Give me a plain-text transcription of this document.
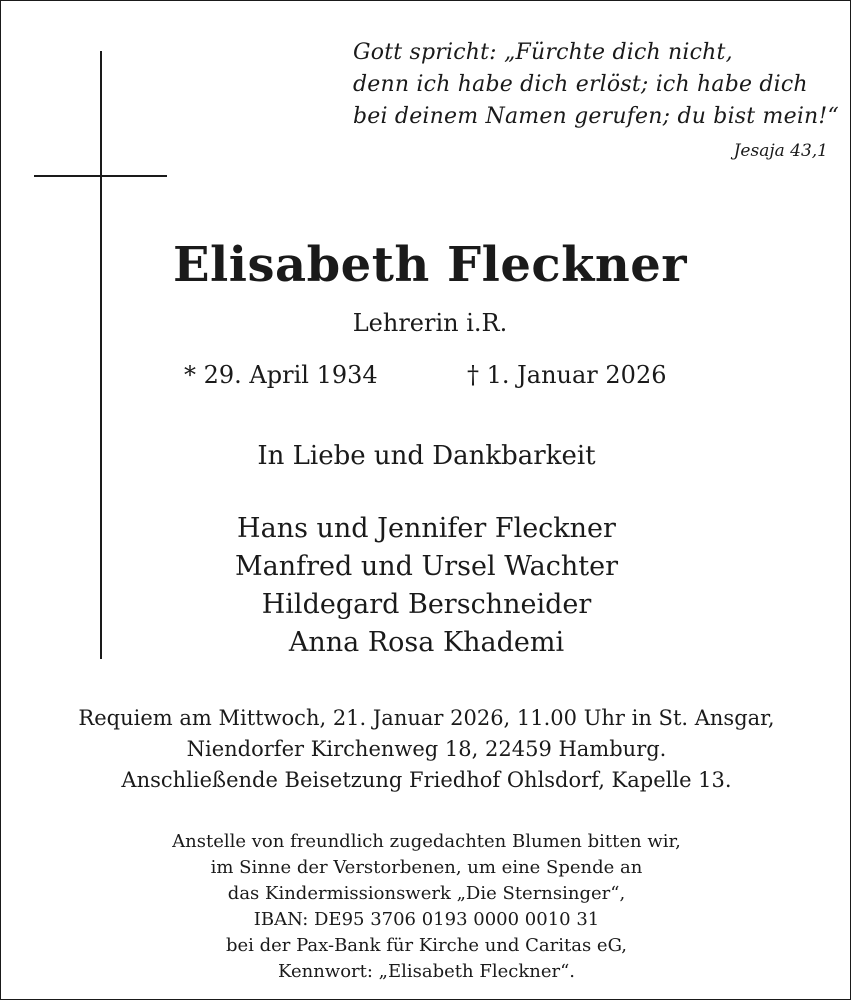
Gott spricht: „Fürchte dich nicht,
denn ich habe dich erlöst; ich habe dich
bei deinem Namen gerufen; du bist mein!“
Jesaja 43,1
Elisabeth Fleckner
Lehrerin i.R.
* 29. April 1934	† 1. Januar 2026
In Liebe und Dankbarkeit
Hans und Jennifer Fleckner
Manfred und Ursel Wachter
Hildegard Berschneider
Anna Rosa Khademi
Requiem am Mittwoch, 21. Januar 2026, 11.00 Uhr in St. Ansgar,
Niendorfer Kirchenweg 18, 22459 Hamburg.
Anschließende Beisetzung Friedhof Ohlsdorf, Kapelle 13.
Anstelle von freundlich zugedachten Blumen bitten wir,
im Sinne der Verstorbenen, um eine Spende an
das Kindermissionswerk „Die Sternsinger“,
IBAN: DE95 3706 0193 0000 0010 31
bei der Pax-Bank für Kirche und Caritas eG,
Kennwort: „Elisabeth Fleckner“.
